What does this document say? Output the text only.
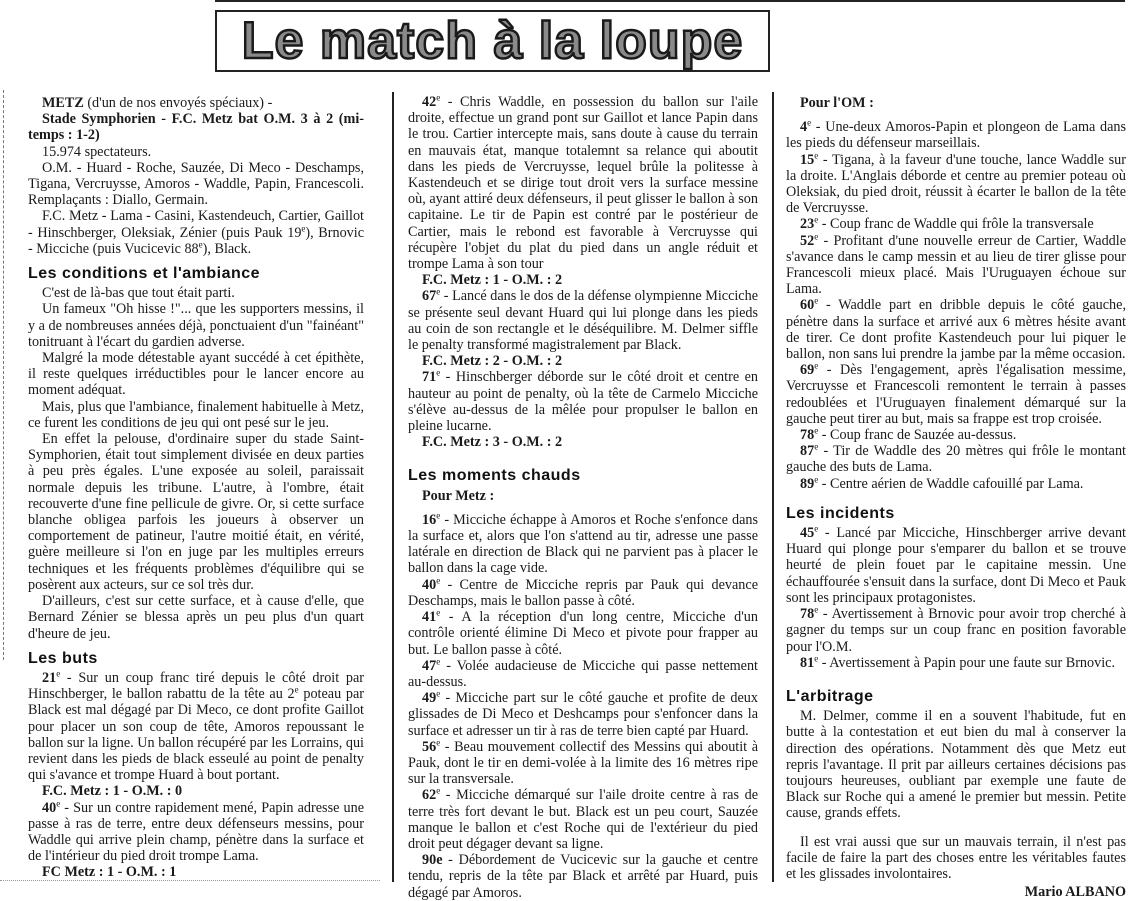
Le match à la loupe

METZ (d'un de nos envoyés spéciaux) -

Stade Symphorien - F.C. Metz bat O.M. 3 à 2 (mi-temps : 1-2)

15.974 spectateurs.

O.M. - Huard - Roche, Sauzée, Di Meco - Deschamps, Tigana, Vercruysse, Amoros - Waddle, Papin, Francescoli. Remplaçants : Diallo, Germain.

F.C. Metz - Lama - Casini, Kastendeuch, Cartier, Gaillot - Hinschberger, Oleksiak, Zénier (puis Pauk 19e), Brnovic - Micciche (puis Vucicevic 88e), Black.

Les conditions et l'ambiance

C'est de là-bas que tout était parti.

Un fameux "Oh hisse !"... que les supporters messins, il y a de nombreuses années déjà, ponctuaient d'un "fainéant" tonitruant à l'écart du gardien adverse.

Malgré la mode détestable ayant succédé à cet épithète, il reste quelques irréductibles pour le lancer encore au moment adéquat.

Mais, plus que l'ambiance, finalement habituelle à Metz, ce furent les conditions de jeu qui ont pesé sur le jeu.

En effet la pelouse, d'ordinaire super du stade Saint-Symphorien, était tout simplement divisée en deux parties à peu près égales. L'une exposée au soleil, paraissait normale depuis les tribune. L'autre, à l'ombre, était recouverte d'une fine pellicule de givre. Or, si cette surface blanche obligea parfois les joueurs à observer un comportement de patineur, l'autre moitié était, en vérité, guère meilleure si l'on en juge par les multiples erreurs techniques et les fréquents problèmes d'équilibre qui se posèrent aux acteurs, sur ce sol très dur.

D'ailleurs, c'est sur cette surface, et à cause d'elle, que Bernard Zénier se blessa après un peu plus d'un quart d'heure de jeu.

Les buts

21e - Sur un coup franc tiré depuis le côté droit par Hinschberger, le ballon rabattu de la tête au 2e poteau par Black est mal dégagé par Di Meco, ce dont profite Gaillot pour placer un son coup de tête, Amoros repoussant le ballon sur la ligne. Un ballon récupéré par les Lorrains, qui revient dans les pieds de black esseulé au point de penalty qui s'avance et trompe Huard à bout portant.

F.C. Metz : 1 - O.M. : 0

40e - Sur un contre rapidement mené, Papin adresse une passe à ras de terre, entre deux défenseurs messins, pour Waddle qui arrive plein champ, pénètre dans la surface et de l'intérieur du pied droit trompe Lama.

FC Metz : 1 - O.M. : 1

42e - Chris Waddle, en possession du ballon sur l'aile droite, effectue un grand pont sur Gaillot et lance Papin dans le trou. Cartier intercepte mais, sans doute à cause du terrain en mauvais état, manque totalemnt sa relance qui aboutit dans les pieds de Vercruysse, lequel brûle la politesse à Kastendeuch et se dirige tout droit vers la surface messine où, ayant attiré deux défenseurs, il peut glisser le ballon à son capitaine. Le tir de Papin est contré par le postérieur de Cartier, mais le rebond est favorable à Vercruysse qui récupère l'objet du plat du pied dans un angle réduit et trompe Lama à son tour

F.C. Metz : 1 - O.M. : 2

67e - Lancé dans le dos de la défense olympienne Micciche se présente seul devant Huard qui lui plonge dans les pieds au coin de son rectangle et le déséquilibre. M. Delmer siffle le penalty transformé magistralement par Black.

F.C. Metz : 2 - O.M. : 2

71e - Hinschberger déborde sur le côté droit et centre en hauteur au point de penalty, où la tête de Carmelo Micciche s'élève au-dessus de la mêlée pour propulser le ballon en pleine lucarne.

F.C. Metz : 3 - O.M. : 2

Les moments chauds

Pour Metz :

16e - Micciche échappe à Amoros et Roche s'enfonce dans la surface et, alors que l'on s'attend au tir, adresse une passe latérale en direction de Black qui ne parvient pas à placer le ballon dans la cage vide.

40e - Centre de Micciche repris par Pauk qui devance Deschamps, mais le ballon passe à côté.

41e - A la réception d'un long centre, Micciche d'un contrôle orienté élimine Di Meco et pivote pour frapper au but. Le ballon passe à côté.

47e - Volée audacieuse de Micciche qui passe nettement au-dessus.

49e - Micciche part sur le côté gauche et profite de deux glissades de Di Meco et Deshcamps pour s'enfoncer dans la surface et adresser un tir à ras de terre bien capté par Huard.

56e - Beau mouvement collectif des Messins qui aboutit à Pauk, dont le tir en demi-volée à la limite des 16 mètres ripe sur la transversale.

62e - Micciche démarqué sur l'aile droite centre à ras de terre très fort devant le but. Black est un peu court, Sauzée manque le ballon et c'est Roche qui de l'extérieur du pied droit peut dégager devant sa ligne.

90e - Débordement de Vucicevic sur la gauche et centre tendu, repris de la tête par Black et arrêté par Huard, puis dégagé par Amoros.

Pour l'OM :

4e - Une-deux Amoros-Papin et plongeon de Lama dans les pieds du défenseur marseillais.

15e - Tigana, à la faveur d'une touche, lance Waddle sur la droite. L'Anglais déborde et centre au premier poteau où Oleksiak, du pied droit, réussit à écarter le ballon de la tête de Vercruysse.

23e - Coup franc de Waddle qui frôle la transversale

52e - Profitant d'une nouvelle erreur de Cartier, Waddle s'avance dans le camp messin et au lieu de tirer glisse pour Francescoli mieux placé. Mais l'Uruguayen échoue sur Lama.

60e - Waddle part en dribble depuis le côté gauche, pénètre dans la surface et arrivé aux 6 mètres hésite avant de tirer. Ce dont profite Kastendeuch pour lui piquer le ballon, non sans lui prendre la jambe par la même occasion.

69e - Dès l'engagement, après l'égalisation messime, Vercruysse et Francescoli remontent le terrain à passes redoublées et l'Uruguayen finalement démarqué sur la gauche peut tirer au but, mais sa frappe est trop croisée.

78e - Coup franc de Sauzée au-dessus.

87e - Tir de Waddle des 20 mètres qui frôle le montant gauche des buts de Lama.

89e - Centre aérien de Waddle cafouillé par Lama.

Les incidents

45e - Lancé par Micciche, Hinschberger arrive devant Huard qui plonge pour s'emparer du ballon et se trouve heurté de plein fouet par le capitaine messin. Une échauffourée s'ensuit dans la surface, dont Di Meco et Pauk sont les principaux protagonistes.

78e - Avertissement à Brnovic pour avoir trop cherché à gagner du temps sur un coup franc en position favorable pour l'O.M.

81e - Avertissement à Papin pour une faute sur Brnovic.

L'arbitrage

M. Delmer, comme il en a souvent l'habitude, fut en butte à la contestation et eut bien du mal à conserver la direction des opérations. Notamment dès que Metz eut repris l'avantage. Il prit par ailleurs certaines décisions pas toujours heureuses, oubliant par exemple une faute de Black sur Roche qui a amené le premier but messin. Petite cause, grands effets.

Il est vrai aussi que sur un mauvais terrain, il n'est pas facile de faire la part des choses entre les véritables fautes et les glissades involontaires.

Mario ALBANO
